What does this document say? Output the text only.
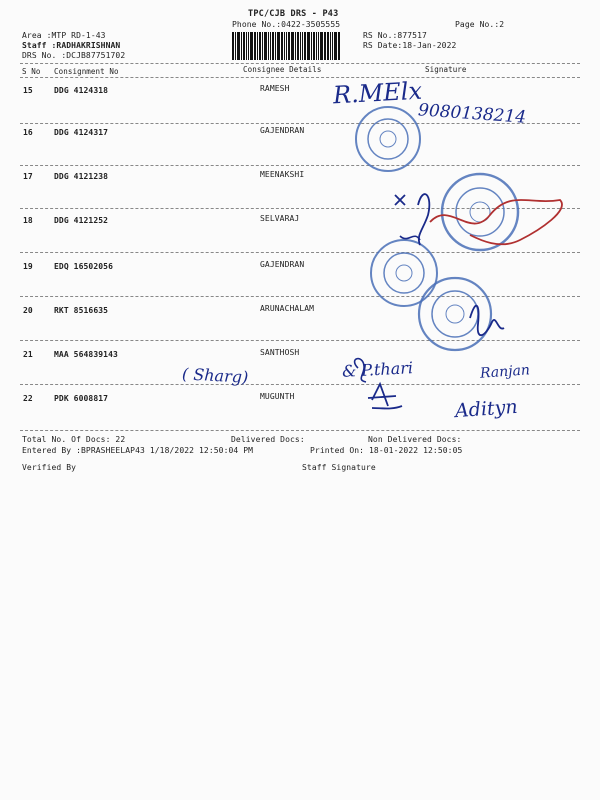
TPC/CJB DRS - P43
Phone No.:0422-3505555	Page No.:2
Area :MTP RD-1-43
Staff :RADHAKRISHNAN
DRS No. :DCJB87751702
RS No.:877517
RS Date:18-Jan-2022
S No Consignment No	Consignee Details	Signature
15	DDG 4124318	RAMESH
16	DDG 4124317	GAJENDRAN
17	DDG 4121238	MEENAKSHI
18	DDG 4121252	SELVARAJ
19	EDQ 16502056	GAJENDRAN
20	RKT 8516635	ARUNACHALAM
21	MAA 564839143	SANTHOSH
22	PDK 6008817	MUGUNTH
R.MElx
9080138214
( Sharg)	& P.thari	Ranjan
Adityn
Total No. Of Docs: 22	Delivered Docs:	Non Delivered Docs:
Entered By :BPRASHEELAP43 1/18/2022 12:50:04 PM	Printed On: 18-01-2022 12:50:05
Verified By	Staff Signature
